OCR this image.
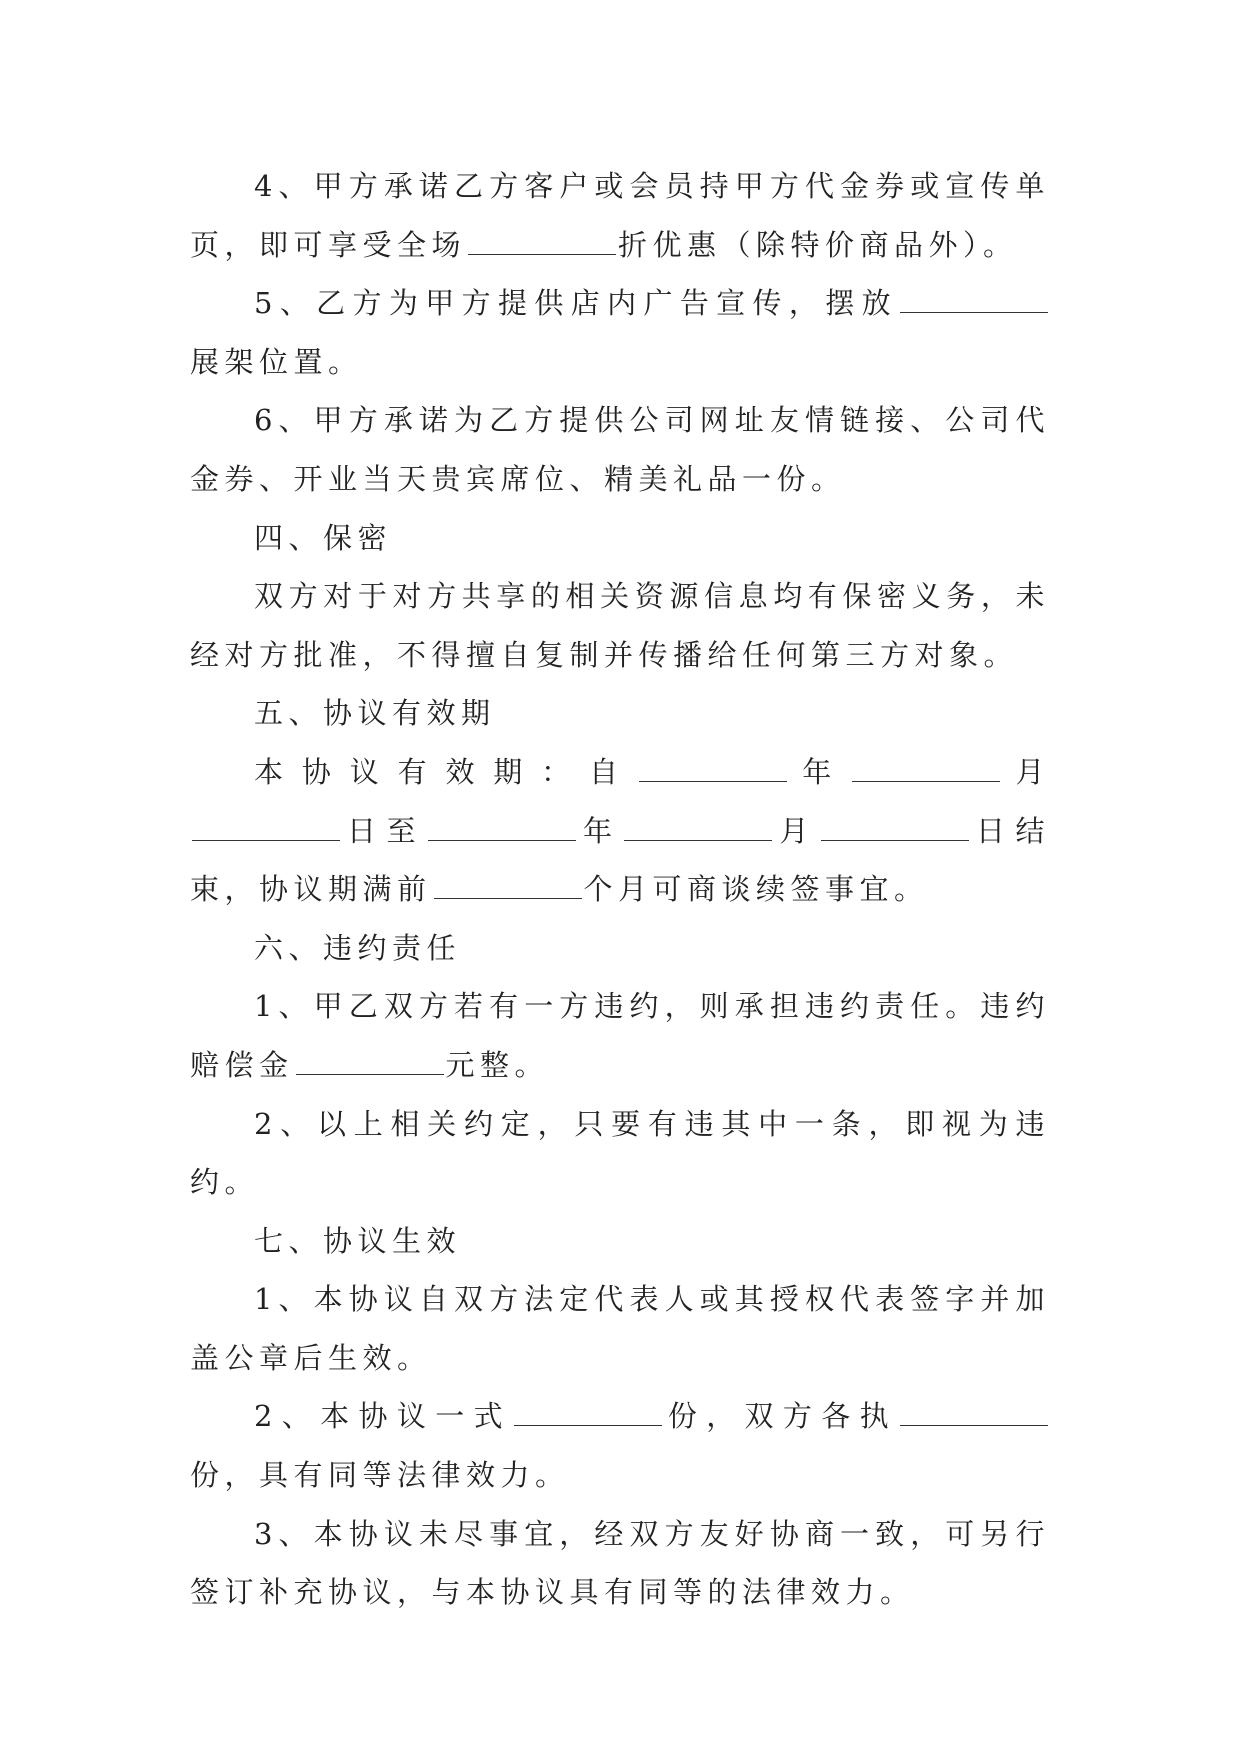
4、甲方承诺乙方客户或会员持甲方代金券或宣传单页，即可享受全场	折优惠（除特价商品外）。

5、乙方为甲方提供店内广告宣传，摆放展架位置。

6、甲方承诺为乙方提供公司网址友情链接、公司代金券、开业当天贵宾席位、精美礼品一份。

四、保密

双方对于对方共享的相关资源信息均有保密义务，未经对方批准，不得擅自复制并传播给任何第三方对象。

五、协议有效期

本协议有效期：自	年	月日至	年	月	日结束，协议期满前	个月可商谈续签事宜。

六、违约责任

1、甲乙双方若有一方违约，则承担违约责任。违约赔偿金	元整。

2、以上相关约定，只要有违其中一条，即视为违约。

七、协议生效

1、本协议自双方法定代表人或其授权代表签字并加盖公章后生效。

2、本协议一式	份，双方各执份，具有同等法律效力。

3、本协议未尽事宜，经双方友好协商一致，可另行签订补充协议，与本协议具有同等的法律效力。
